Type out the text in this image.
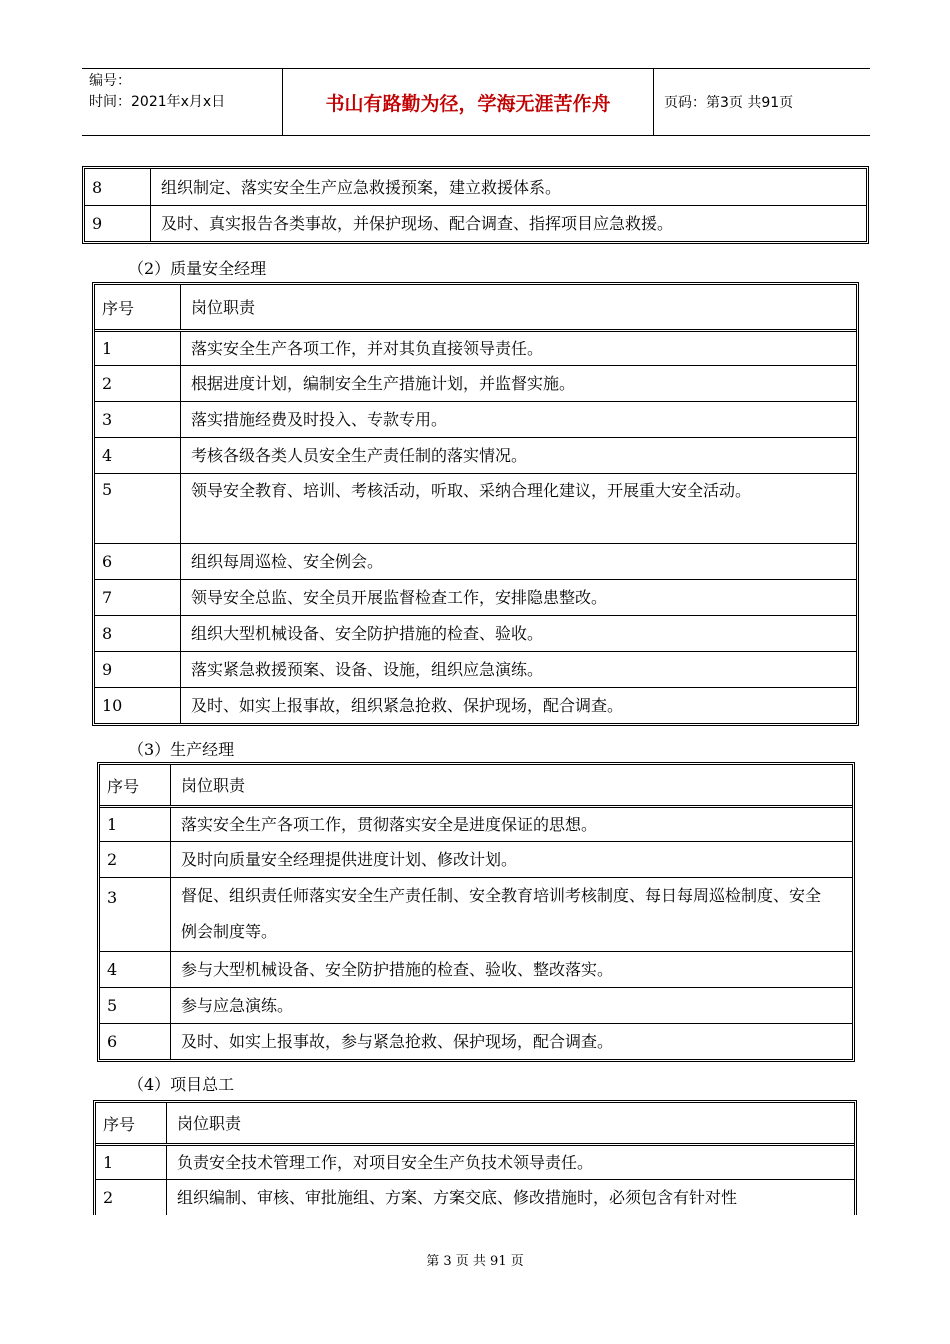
编号：
时间：2021年x月x日	书山有路勤为径，学海无涯苦作舟	页码：第3页 共91页
8	组织制定、落实安全生产应急救援预案，建立救援体系。
9	及时、真实报告各类事故，并保护现场、配合调查、指挥项目应急救援。
（2）质量安全经理
序号	岗位职责
1	落实安全生产各项工作，并对其负直接领导责任。
2	根据进度计划，编制安全生产措施计划，并监督实施。
3	落实措施经费及时投入、专款专用。
4	考核各级各类人员安全生产责任制的落实情况。
5	领导安全教育、培训、考核活动，听取、采纳合理化建议，开展重大安全活动。
6	组织每周巡检、安全例会。
7	领导安全总监、安全员开展监督检查工作，安排隐患整改。
8	组织大型机械设备、安全防护措施的检查、验收。
9	落实紧急救援预案、设备、设施，组织应急演练。
10	及时、如实上报事故，组织紧急抢救、保护现场，配合调查。
（3）生产经理
序号	岗位职责
1	落实安全生产各项工作，贯彻落实安全是进度保证的思想。
2	及时向质量安全经理提供进度计划、修改计划。
3	督促、组织责任师落实安全生产责任制、安全教育培训考核制度、每日每周巡检制度、安全例会制度等。
4	参与大型机械设备、安全防护措施的检查、验收、整改落实。
5	参与应急演练。
6	及时、如实上报事故，参与紧急抢救、保护现场，配合调查。
（4）项目总工
序号	岗位职责
1	负责安全技术管理工作，对项目安全生产负技术领导责任。
2	组织编制、审核、审批施组、方案、方案交底、修改措施时，必须包含有针对性
第 3 页 共 91 页
